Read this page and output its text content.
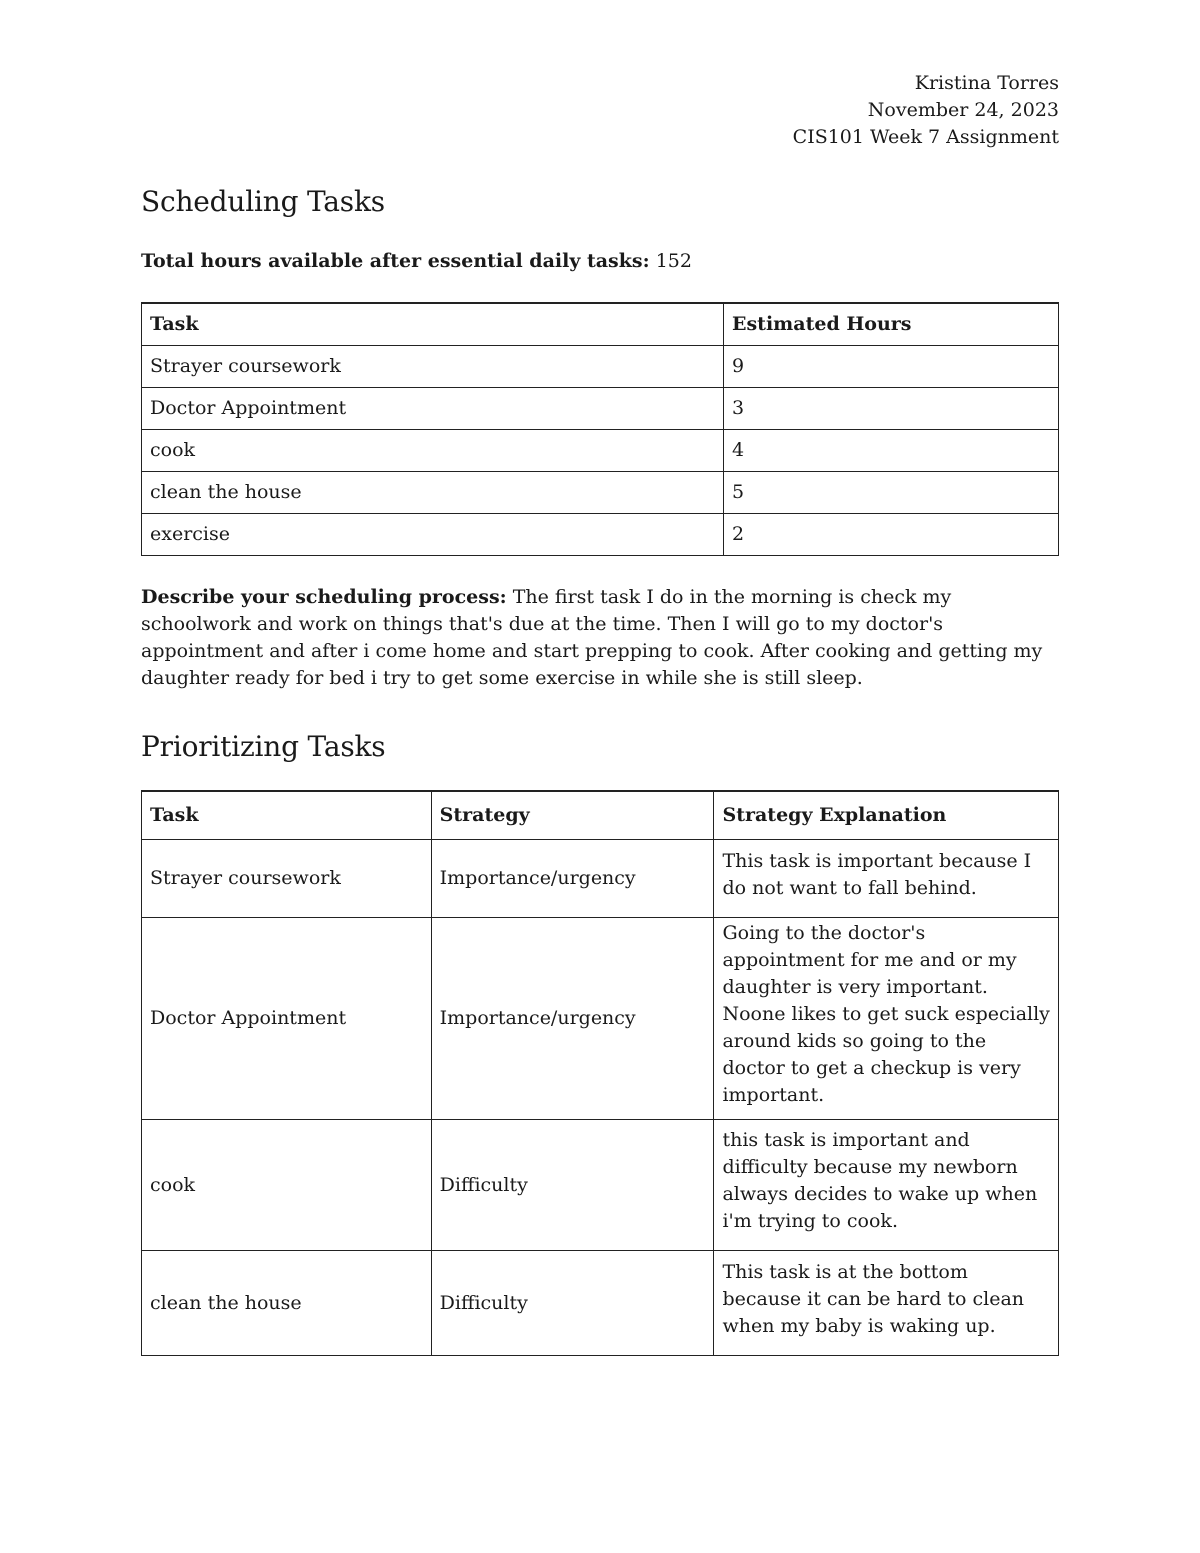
Kristina Torres
November 24, 2023
CIS101 Week 7 Assignment
Scheduling Tasks
Total hours available after essential daily tasks: 152
Task	Estimated Hours
Strayer coursework	9
Doctor Appointment	3
cook	4
clean the house	5
exercise	2
Describe your scheduling process: The first task I do in the morning is check my schoolwork and work on things that's due at the time. Then I will go to my doctor's appointment and after i come home and start prepping to cook. After cooking and getting my daughter ready for bed i try to get some exercise in while she is still sleep.
Prioritizing Tasks
Task	Strategy	Strategy Explanation
Strayer coursework	Importance/urgency	This task is important because I do not want to fall behind.
Doctor Appointment	Importance/urgency	Going to the doctor's appointment for me and or my daughter is very important. Noone likes to get suck especially around kids so going to the doctor to get a checkup is very important.
cook	Difficulty	this task is important and difficulty because my newborn always decides to wake up when i'm trying to cook.
clean the house	Difficulty	This task is at the bottom because it can be hard to clean when my baby is waking up.
